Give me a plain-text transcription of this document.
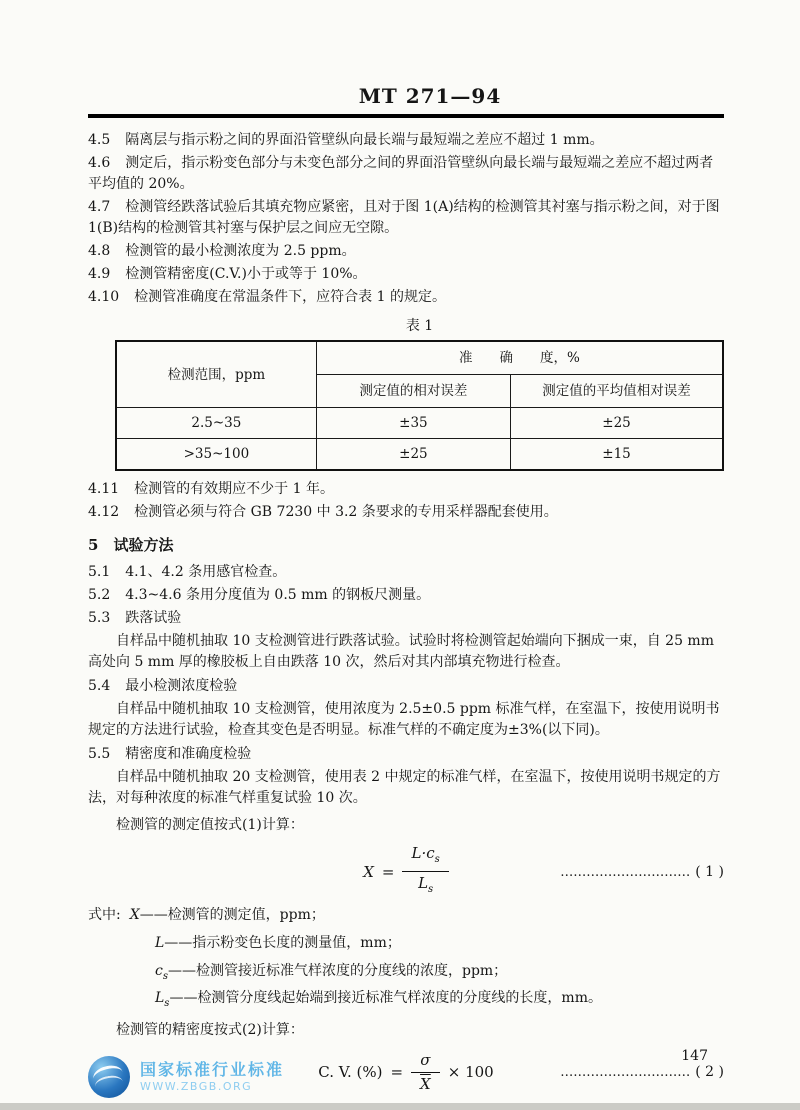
MT 271—94

4.5 隔离层与指示粉之间的界面沿管壁纵向最长端与最短端之差应不超过 1 mm。

4.6 测定后，指示粉变色部分与未变色部分之间的界面沿管壁纵向最长端与最短端之差应不超过两者平均值的 20%。

4.7 检测管经跌落试验后其填充物应紧密，且对于图 1(A)结构的检测管其衬塞与指示粉之间，对于图 1(B)结构的检测管其衬塞与保护层之间应无空隙。

4.8 检测管的最小检测浓度为 2.5 ppm。

4.9 检测管精密度(C.V.)小于或等于 10%。

4.10 检测管准确度在常温条件下，应符合表 1 的规定。

表 1
检测范围，ppm	准　　确　　度，%	
	测定值的相对误差	测定值的平均值相对误差
2.5~35	±35	±25
>35~100	±25	±15

4.11 检测管的有效期应不少于 1 年。

4.12 检测管必须与符合 GB 7230 中 3.2 条要求的专用采样器配套使用。

5 试验方法

5.1 4.1、4.2 条用感官检查。

5.2 4.3~4.6 条用分度值为 0.5 mm 的钢板尺测量。

5.3 跌落试验

自样品中随机抽取 10 支检测管进行跌落试验。试验时将检测管起始端向下捆成一束，自 25 mm 高处向 5 mm 厚的橡胶板上自由跌落 10 次，然后对其内部填充物进行检查。

5.4 最小检测浓度检验

自样品中随机抽取 10 支检测管，使用浓度为 2.5±0.5 ppm 标准气样，在室温下，按使用说明书规定的方法进行试验，检查其变色是否明显。标准气样的不确定度为±3%(以下同)。

5.5 精密度和准确度检验

自样品中随机抽取 20 支检测管，使用表 2 中规定的标准气样，在室温下，按使用说明书规定的方法，对每种浓度的标准气样重复试验 10 次。

检测管的测定值按式(1)计算：

$X = \frac{L\cdot c_s}{L_s}$	………………………… ( 1 )

式中: X——检测管的测定值，ppm；

L——指示粉变色长度的测量值，mm；

$c_s——$检测管接近标准气样浓度的分度线的浓度，ppm；

$L_s——$检测管分度线起始端到接近标准气样浓度的分度线的长度，mm。

检测管的精密度按式(2)计算：

C. V. (%) = $\frac{\sigma}{X} \times 100$	………………………… ( 2 )
147
国家标准行业标准
WWW.ZBGB.ORG
